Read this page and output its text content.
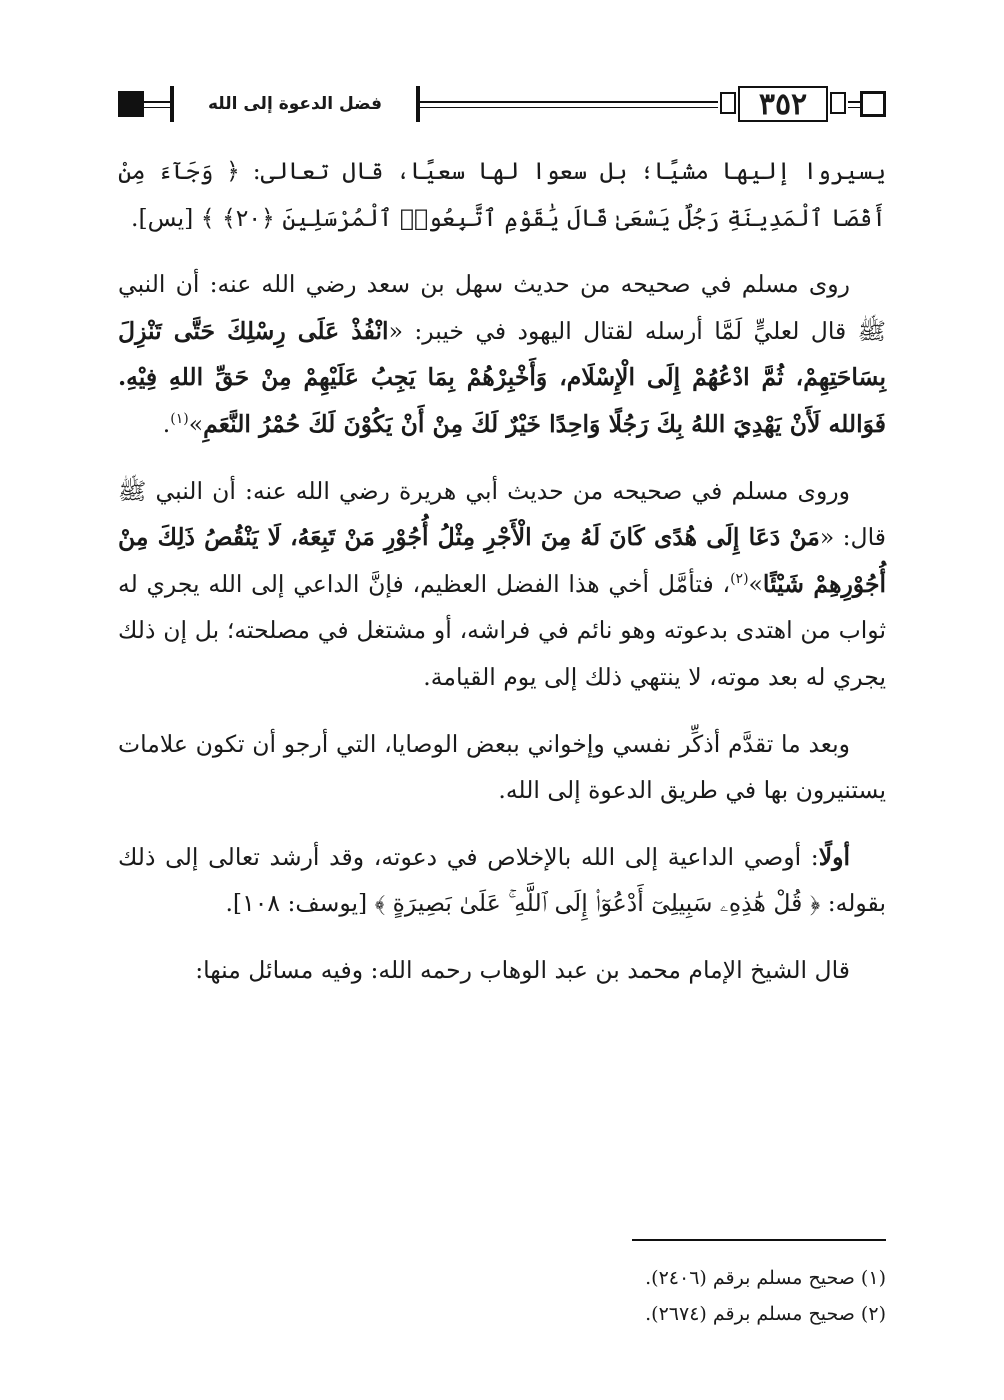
٣٥٢
فضل الدعوة إلى الله

يسيروا إليها مشيًا؛ بل سعوا لها سعيًا، قال تعالى: ﴿ وَجَآءَ مِنْ أَقْصَا ٱلْمَدِينَةِ رَجُلٌ يَسْعَىٰ قَالَ يَٰقَوْمِ ٱتَّبِعُوا۟ ٱلْمُرْسَلِينَ ﴿٢٠﴾ ﴾ [يس].

روى مسلم في صحيحه من حديث سهل بن سعد رضي الله عنه: أن النبي ﷺ قال لعليٍّ لَمَّا أرسله لقتال اليهود في خيبر: «انْفُذْ عَلَى رِسْلِكَ حَتَّى تَنْزِلَ بِسَاحَتِهِمْ، ثُمَّ ادْعُهُمْ إِلَى الْإِسْلَام، وَأَخْبِرْهُمْ بِمَا يَجِبُ عَلَيْهِمْ مِنْ حَقِّ اللهِ فِيْهِ. فَوَالله لَأَنْ يَهْدِيَ اللهُ بِكَ رَجُلًا وَاحِدًا خَيْرٌ لَكَ مِنْ أَنْ يَكُوْنَ لَكَ حُمْرُ النَّعَمِ»$^{(١)}$.

وروى مسلم في صحيحه من حديث أبي هريرة رضي الله عنه: أن النبي ﷺ قال: «مَنْ دَعَا إِلَى هُدًى كَانَ لَهُ مِنَ الْأَجْرِ مِثْلُ أُجُوْرِ مَنْ تَبِعَهُ، لَا يَنْقُصُ ذَلِكَ مِنْ أُجُوْرِهِمْ شَيْئًا»$^{(٢)}$، فتأمَّل أخي هذا الفضل العظيم، فإنَّ الداعي إلى الله يجري له ثواب من اهتدى بدعوته وهو نائم في فراشه، أو مشتغل في مصلحته؛ بل إن ذلك يجري له بعد موته، لا ينتهي ذلك إلى يوم القيامة.

وبعد ما تقدَّم أذكِّر نفسي وإخواني ببعض الوصايا، التي أرجو أن تكون علامات يستنيرون بها في طريق الدعوة إلى الله.

أولًا: أوصي الداعية إلى الله بالإخلاص في دعوته، وقد أرشد تعالى إلى ذلك بقوله: ﴿ قُلْ هَٰذِهِۦ سَبِيلِىٓ أَدْعُوٓا۟ إِلَى ٱللَّهِ ۚ عَلَىٰ بَصِيرَةٍ ﴾ [يوسف: ١٠٨].

قال الشيخ الإمام محمد بن عبد الوهاب رحمه الله: وفيه مسائل منها:

(١) صحيح مسلم برقم (٢٤٠٦).
(٢) صحيح مسلم برقم (٢٦٧٤).
